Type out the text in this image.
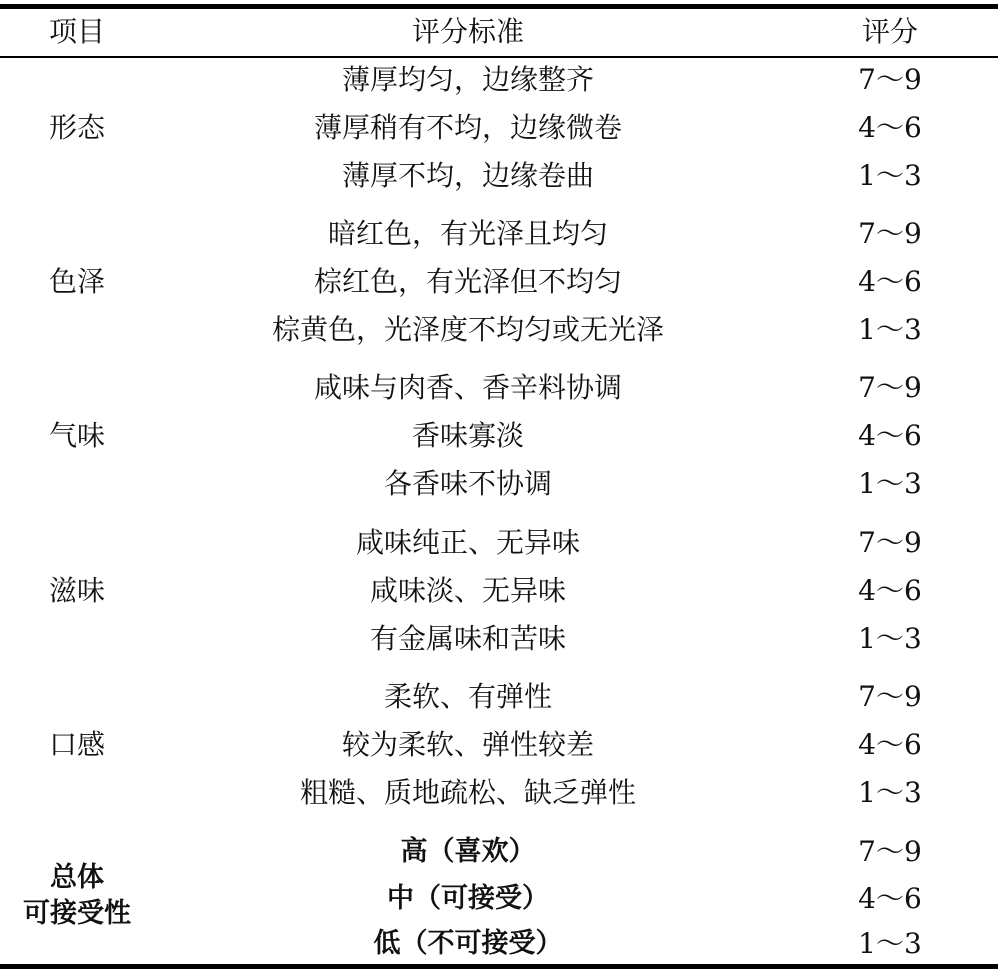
项目	评分标准	评分
形态
薄厚均匀，边缘整齐	7～9
薄厚稍有不均，边缘微卷	4～6
薄厚不均，边缘卷曲	1～3
色泽
暗红色，有光泽且均匀	7～9
棕红色，有光泽但不均匀	4～6
棕黄色，光泽度不均匀或无光泽	1～3
气味
咸味与肉香、香辛料协调	7～9
香味寡淡	4～6
各香味不协调	1～3
滋味
咸味纯正、无异味	7～9
咸味淡、无异味	4～6
有金属味和苦味	1～3
口感
柔软、有弹性	7～9
较为柔软、弹性较差	4～6
粗糙、质地疏松、缺乏弹性	1～3
总体
可接受性
高（喜欢）	7～9
中（可接受）	4～6
低（不可接受）	1～3
